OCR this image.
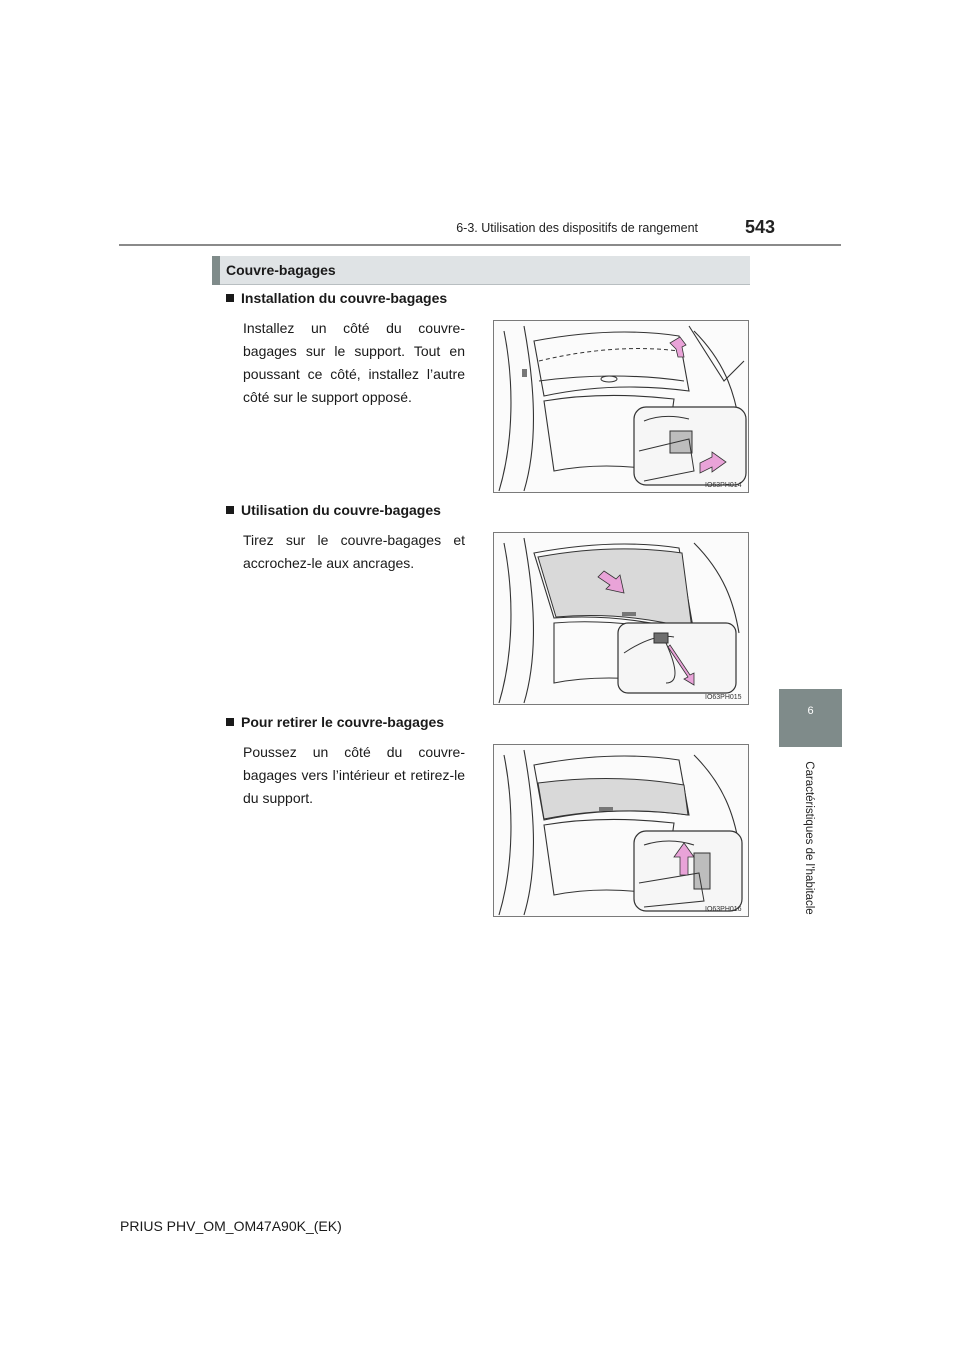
6-3. Utilisation des dispositifs de rangement	543
6
Caractéristiques de l’habitacle
Couvre-bagages
Installation du couvre-bagages
Installez un côté du couvre-bagages sur le support. Tout en poussant ce côté, installez l’autre côté sur le support opposé.
IO63PH014
Utilisation du couvre-bagages
Tirez sur le couvre-bagages et accrochez-le aux ancrages.
IO63PH015
Pour retirer le couvre-bagages
Poussez un côté du couvre-bagages vers l’intérieur et retirez-le du support.
IO63PH016
PRIUS PHV_OM_OM47A90K_(EK)
